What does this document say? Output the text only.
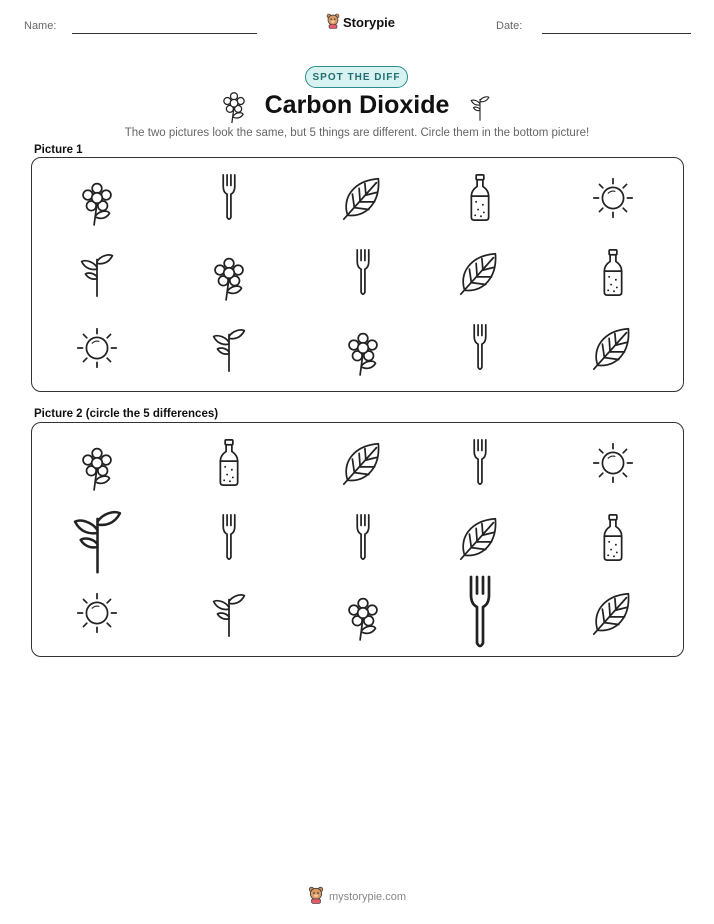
Name:	Storypie	Date:
SPOT THE DIFF
Carbon Dioxide
The two pictures look the same, but 5 things are different. Circle them in the bottom picture!
Picture 1
Picture 2 (circle the 5 differences)
mystorypie.com
